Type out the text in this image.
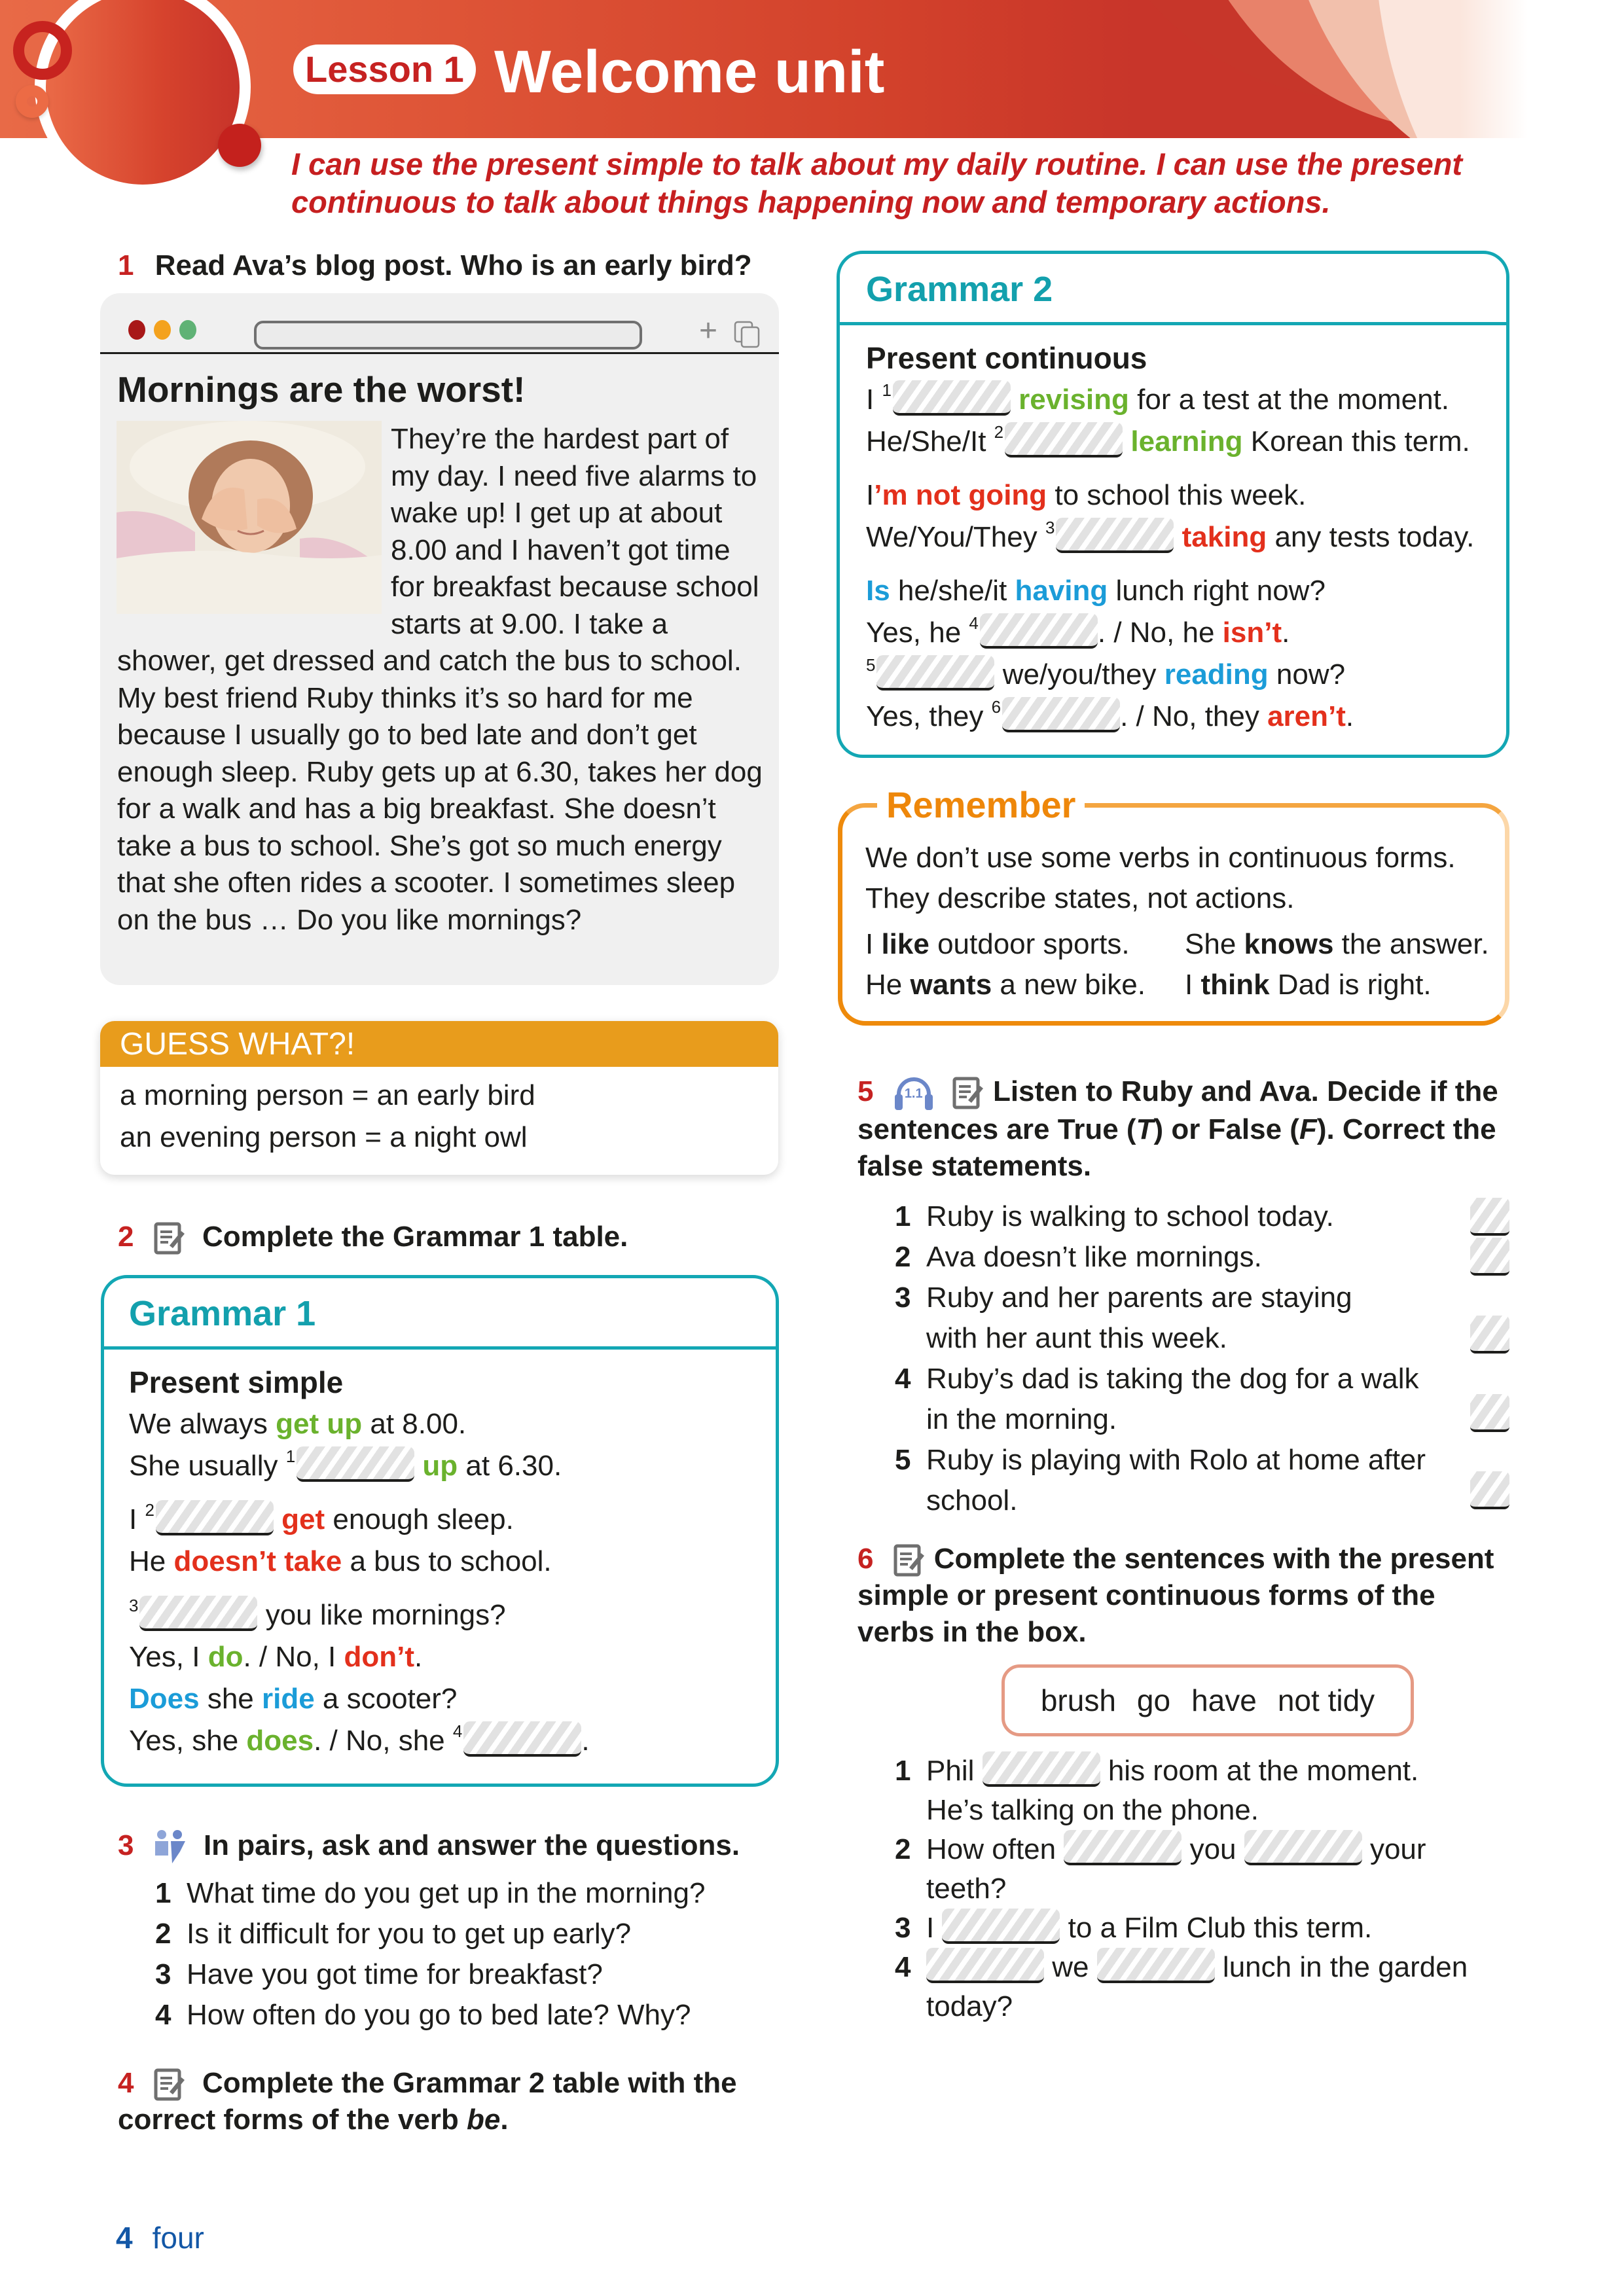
Lesson 1 Welcome unit
I can use the present simple to talk about my daily routine. I can use the present continuous to talk about things happening now and temporary actions.
1 Read Ava’s blog post. Who is an early bird?
+
Mornings are the worst!
They’re the hardest part of my day. I need five alarms to wake up! I get up at about 8.00 and I haven’t got time for breakfast because school starts at 9.00. I take a shower, get dressed and catch the bus to school. My best friend Ruby thinks it’s so hard for me because I usually go to bed late and don’t get enough sleep. Ruby gets up at 6.30, takes her dog for a walk and has a big breakfast. She doesn’t take a bus to school. She’s got so much energy that she often rides a scooter. I sometimes sleep on the bus … Do you like mornings?
GUESS WHAT?!
a morning person = an early bird
an evening person = a night owl
2 Complete the Grammar 1 table.
Grammar 1
Present simple
We always get up at 8.00.
She usually $^1$	up at 6.30.
I $^2$	get enough sleep.
He doesn’t take a bus to school.
$^3$	you like mornings?
Yes, I do. / No, I don’t.
Does she ride a scooter?
Yes, she does. / No, she $^4$	.
3 In pairs, ask and answer the questions.
1 What time do you get up in the morning?
2 Is it difficult for you to get up early?
3 Have you got time for breakfast?
4 How often do you go to bed late? Why?
4 Complete the Grammar 2 table with the correct forms of the verb be.
4 four
Grammar 2
Present continuous
I $^1$	revising for a test at the moment.
He/She/It $^2$	learning Korean this term.
I’m not going to school this week.
We/You/They $^3$	taking any tests today.
Is he/she/it having lunch right now?
Yes, he $^4$	. / No, he isn’t.
$^5$	we/you/they reading now?
Yes, they $^6$	. / No, they aren’t.
Remember
We don’t use some verbs in continuous forms. They describe states, not actions.
I like outdoor sports.	She knows the answer.
He wants a new bike.	I think Dad is right.
5 1.1 Listen to Ruby and Ava. Decide if the sentences are True (T) or False (F). Correct the false statements.
1 Ruby is walking to school today.
2 Ava doesn’t like mornings.
3 Ruby and her parents are staying with her aunt this week.
4 Ruby’s dad is taking the dog for a walk in the morning.
5 Ruby is playing with Rolo at home after school.
6 Complete the sentences with the present simple or present continuous forms of the verbs in the box.
brush go have not tidy
1 Phil	his room at the moment. He’s talking on the phone.
2 How often	you	your teeth?
3 I	to a Film Club this term.
4	we	lunch in the garden today?
